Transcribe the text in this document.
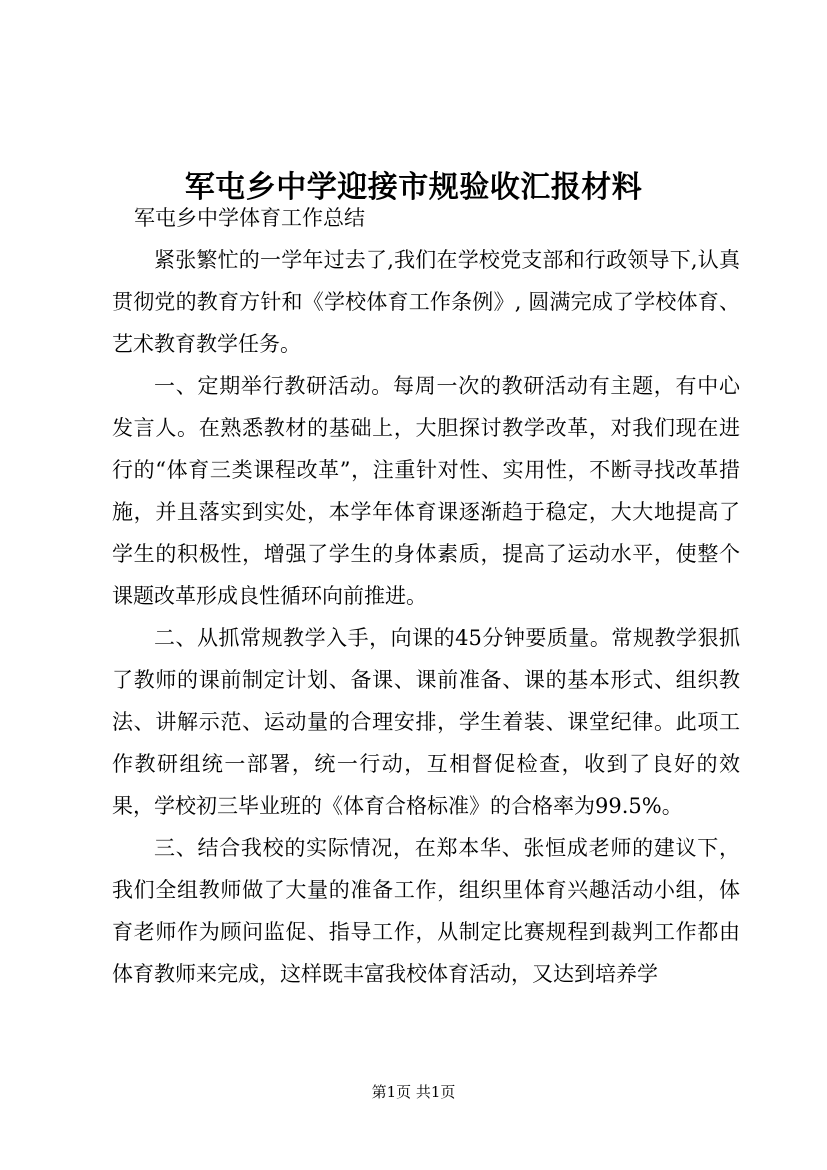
军屯乡中学迎接市规验收汇报材料

军屯乡中学体育工作总结

紧张繁忙的一学年过去了,我们在学校党支部和行政领导下,认真贯彻党的教育方针和《学校体育工作条例》, 圆满完成了学校体育、艺术教育教学任务。

一、定期举行教研活动。每周一次的教研活动有主题，有中心发言人。在熟悉教材的基础上，大胆探讨教学改革，对我们现在进行的“体育三类课程改革”，注重针对性、实用性，不断寻找改革措施，并且落实到实处，本学年体育课逐渐趋于稳定，大大地提高了学生的积极性，增强了学生的身体素质，提高了运动水平，使整个课题改革形成良性循环向前推进。

二、从抓常规教学入手，向课的45分钟要质量。常规教学狠抓了教师的课前制定计划、备课、课前准备、课的基本形式、组织教法、讲解示范、运动量的合理安排，学生着装、课堂纪律。此项工作教研组统一部署，统一行动，互相督促检查，收到了良好的效果，学校初三毕业班的《体育合格标准》的合格率为99.5%。

三、结合我校的实际情况，在郑本华、张恒成老师的建议下，我们全组教师做了大量的准备工作，组织里体育兴趣活动小组，体育老师作为顾问监促、指导工作，从制定比赛规程到裁判工作都由体育教师来完成，这样既丰富我校体育活动，又达到培养学

第1页 共1页
